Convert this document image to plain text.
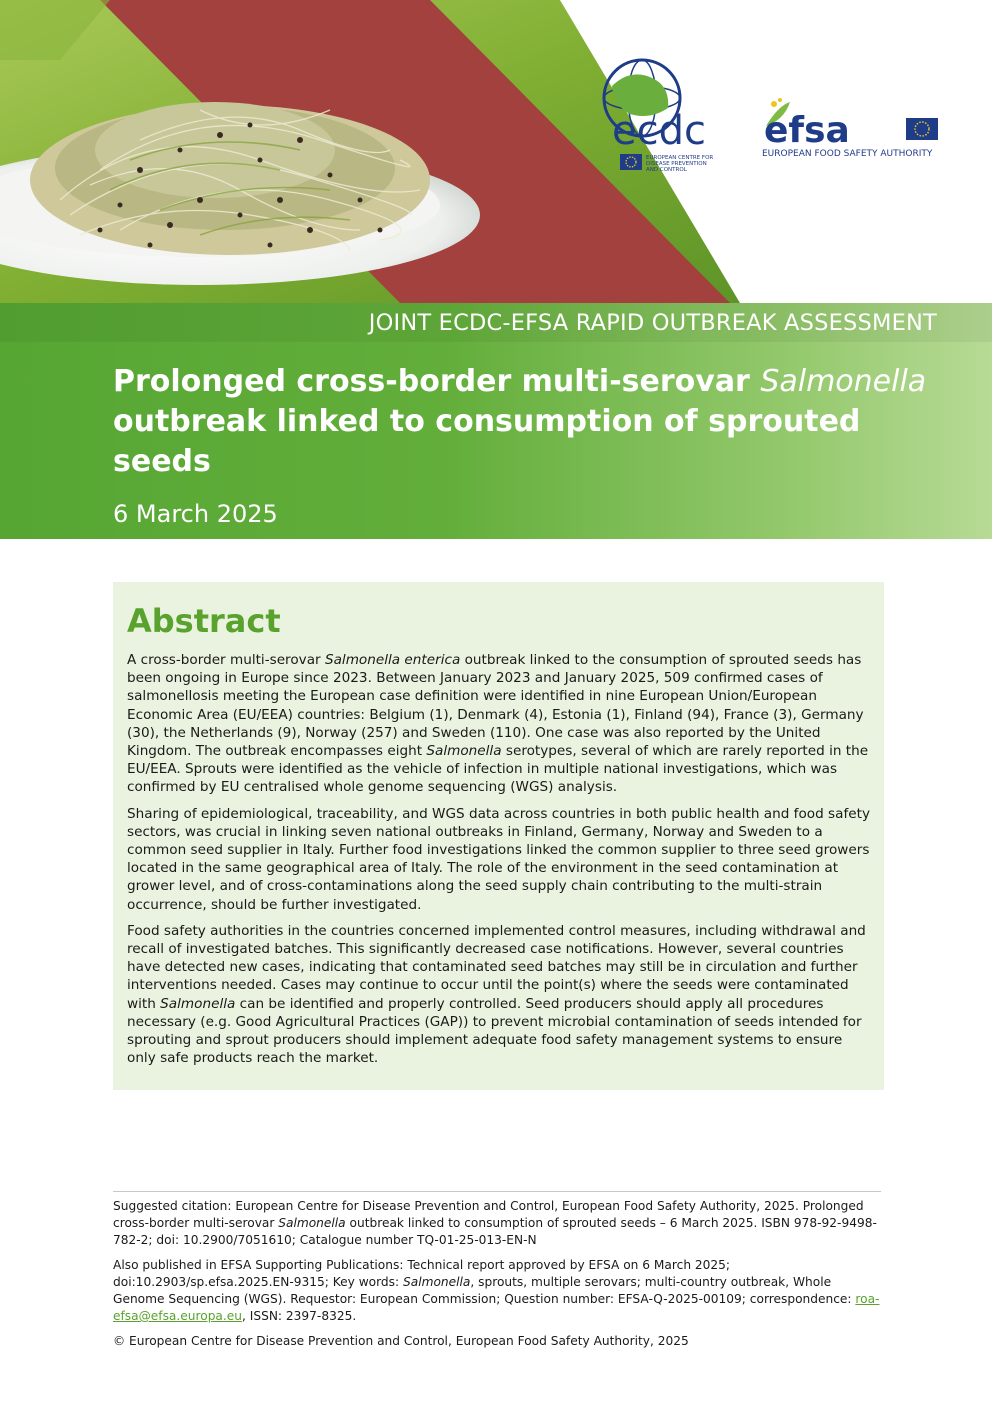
ecdc
EUROPEAN CENTRE FOR
DISEASE PREVENTION
AND CONTROL
efsa
EUROPEAN FOOD SAFETY AUTHORITY
JOINT ECDC-EFSA RAPID OUTBREAK ASSESSMENT
Prolonged cross-border multi-serovar Salmonella outbreak linked to consumption of sprouted seeds
6 March 2025
Abstract

A cross-border multi-serovar Salmonella enterica outbreak linked to the consumption of sprouted seeds has been ongoing in Europe since 2023. Between January 2023 and January 2025, 509 confirmed cases of salmonellosis meeting the European case definition were identified in nine European Union/European Economic Area (EU/EEA) countries: Belgium (1), Denmark (4), Estonia (1), Finland (94), France (3), Germany (30), the Netherlands (9), Norway (257) and Sweden (110). One case was also reported by the United Kingdom. The outbreak encompasses eight Salmonella serotypes, several of which are rarely reported in the EU/EEA. Sprouts were identified as the vehicle of infection in multiple national investigations, which was confirmed by EU centralised whole genome sequencing (WGS) analysis.

Sharing of epidemiological, traceability, and WGS data across countries in both public health and food safety sectors, was crucial in linking seven national outbreaks in Finland, Germany, Norway and Sweden to a common seed supplier in Italy. Further food investigations linked the common supplier to three seed growers located in the same geographical area of Italy. The role of the environment in the seed contamination at grower level, and of cross-contaminations along the seed supply chain contributing to the multi-strain occurrence, should be further investigated.

Food safety authorities in the countries concerned implemented control measures, including withdrawal and recall of investigated batches. This significantly decreased case notifications. However, several countries have detected new cases, indicating that contaminated seed batches may still be in circulation and further interventions needed. Cases may continue to occur until the point(s) where the seeds were contaminated with Salmonella can be identified and properly controlled. Seed producers should apply all procedures necessary (e.g. Good Agricultural Practices (GAP)) to prevent microbial contamination of seeds intended for sprouting and sprout producers should implement adequate food safety management systems to ensure only safe products reach the market.

Suggested citation: European Centre for Disease Prevention and Control, European Food Safety Authority, 2025. Prolonged cross-border multi-serovar Salmonella outbreak linked to consumption of sprouted seeds – 6 March 2025. ISBN 978-92-9498-782-2; doi: 10.2900/7051610; Catalogue number TQ-01-25-013-EN-N

Also published in EFSA Supporting Publications: Technical report approved by EFSA on 6 March 2025; doi:10.2903/sp.efsa.2025.EN-9315; Key words: Salmonella, sprouts, multiple serovars; multi-country outbreak, Whole Genome Sequencing (WGS). Requestor: European Commission; Question number: EFSA-Q-2025-00109; correspondence: roa-efsa@efsa.europa.eu, ISSN: 2397-8325.

© European Centre for Disease Prevention and Control, European Food Safety Authority, 2025
